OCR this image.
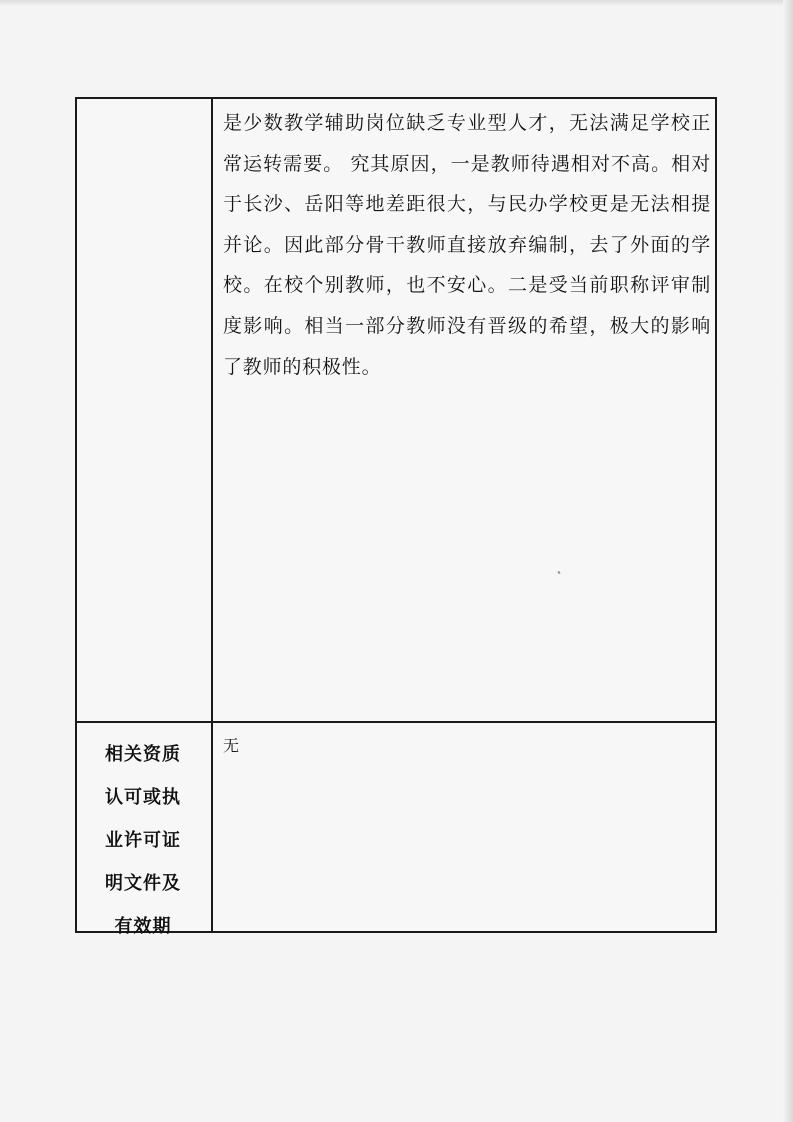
是少数教学辅助岗位缺乏专业型人才，无法满足学校正常运转需要。 究其原因，一是教师待遇相对不高。相对于长沙、岳阳等地差距很大，与民办学校更是无法相提并论。因此部分骨干教师直接放弃编制，去了外面的学校。在校个别教师，也不安心。二是受当前职称评审制度影响。相当一部分教师没有晋级的希望，极大的影响了教师的积极性。

相关资质
认可或执
业许可证
明文件及
有效期
无
